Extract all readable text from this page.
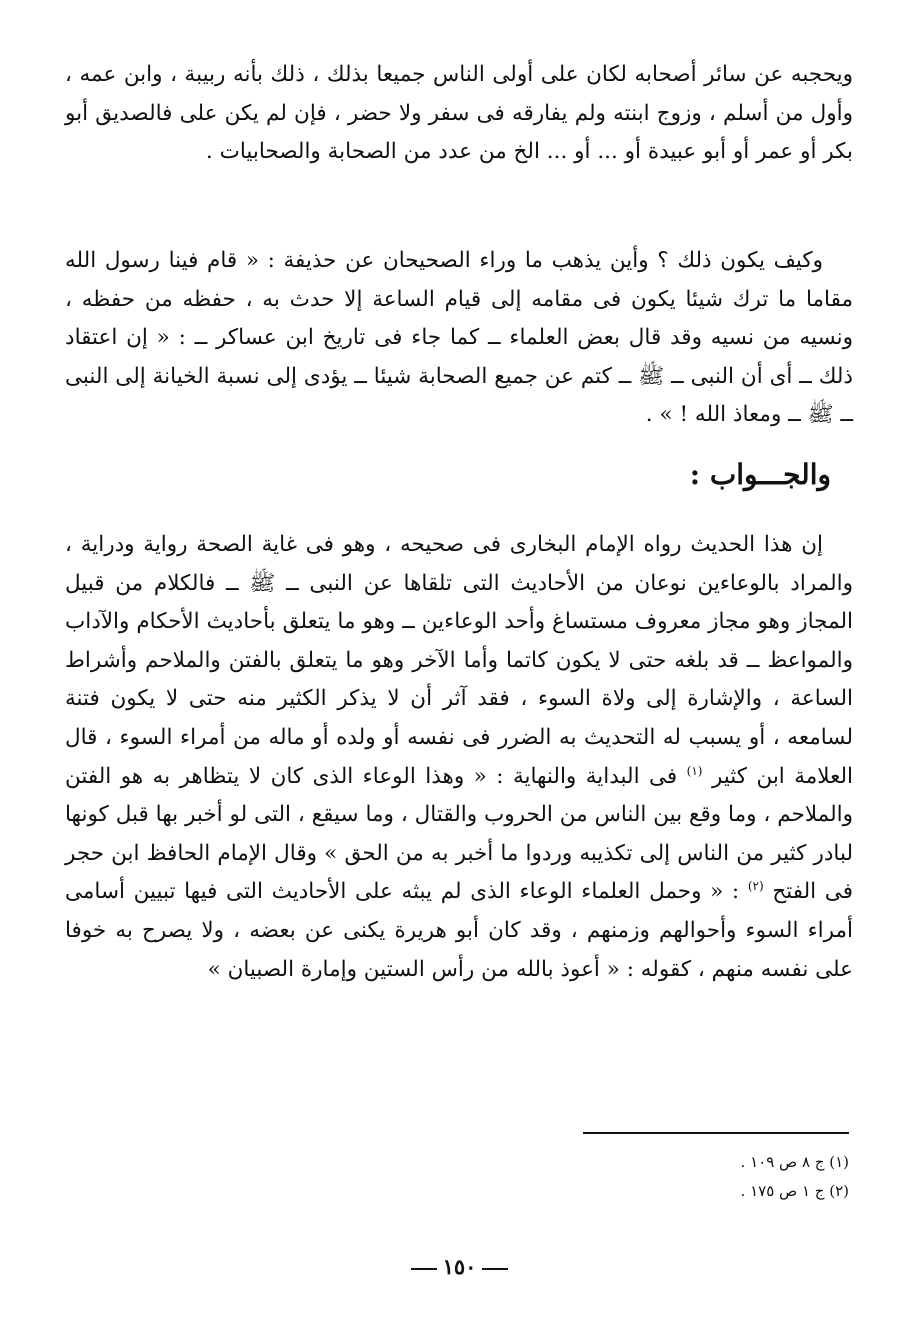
ويحجبه عن سائر أصحابه لكان على أولى الناس جميعا بذلك ، ذلك بأنه ربيبة ، وابن عمه ، وأول من أسلم ، وزوج ابنته ولم يفارقه فى سفر ولا حضر ، فإن لم يكن على فالصديق أبو بكر أو عمر أو أبو عبيدة أو ... أو ... الخ من عدد من الصحابة والصحابيات .

وكيف يكون ذلك ؟ وأين يذهب ما وراء الصحيحان عن حذيفة : « قام فينا رسول الله مقاما ما ترك شيئا يكون فى مقامه إلى قيام الساعة إلا حدث به ، حفظه من حفظه ، ونسيه من نسيه وقد قال بعض العلماء ــ كما جاء فى تاريخ ابن عساكر ــ : « إن اعتقاد ذلك ــ أى أن النبى ــ ﷺ ــ كتم عن جميع الصحابة شيئا ــ يؤدى إلى نسبة الخيانة إلى النبى ــ ﷺ ــ ومعاذ الله ! » .

والجـــواب :

إن هذا الحديث رواه الإمام البخارى فى صحيحه ، وهو فى غاية الصحة رواية ودراية ، والمراد بالوعاءين نوعان من الأحاديث التى تلقاها عن النبى ــ ﷺ ــ فالكلام من قبيل المجاز وهو مجاز معروف مستساغ وأحد الوعاءين ــ وهو ما يتعلق بأحاديث الأحكام والآداب والمواعظ ــ قد بلغه حتى لا يكون كاتما وأما الآخر وهو ما يتعلق بالفتن والملاحم وأشراط الساعة ، والإشارة إلى ولاة السوء ، فقد آثر أن لا يذكر الكثير منه حتى لا يكون فتنة لسامعه ، أو يسبب له التحديث به الضرر فى نفسه أو ولده أو ماله من أمراء السوء ، قال العلامة ابن كثير $^{(١)}$ فى البداية والنهاية : « وهذا الوعاء الذى كان لا يتظاهر به هو الفتن والملاحم ، وما وقع بين الناس من الحروب والقتال ، وما سيقع ، التى لو أخبر بها قبل كونها لبادر كثير من الناس إلى تكذيبه وردوا ما أخبر به من الحق » وقال الإمام الحافظ ابن حجر فى الفتح $^{(٢)}$ : « وحمل العلماء الوعاء الذى لم يبثه على الأحاديث التى فيها تبيين أسامى أمراء السوء وأحوالهم وزمنهم ، وقد كان أبو هريرة يكنى عن بعضه ، ولا يصرح به خوفا على نفسه منهم ، كقوله : « أعوذ بالله من رأس الستين وإمارة الصبيان »

(١) ج ٨ ص ١٠٩ .
(٢) ج ١ ص ١٧٥ .
١٥٠
